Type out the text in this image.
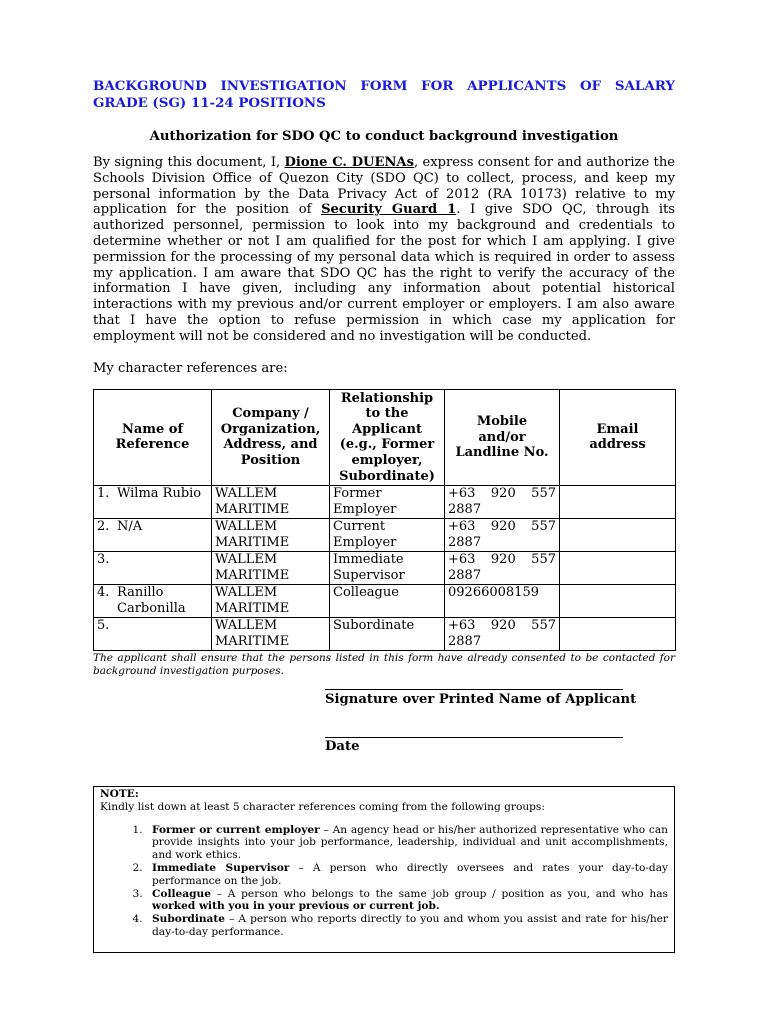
BACKGROUND INVESTIGATION FORM FOR APPLICANTS OF SALARY GRADE (SG) 11-24 POSITIONS

Authorization for SDO QC to conduct background investigation

By signing this document, I, Dione C. DUENAs, express consent for and authorize the Schools Division Office of Quezon City (SDO QC) to collect, process, and keep my personal information by the Data Privacy Act of 2012 (RA 10173) relative to my application for the position of Security Guard 1. I give SDO QC, through its authorized personnel, permission to look into my background and credentials to determine whether or not I am qualified for the post for which I am applying. I give permission for the processing of my personal data which is required in order to assess my application. I am aware that SDO QC has the right to verify the accuracy of the information I have given, including any information about potential historical interactions with my previous and/or current employer or employers. I am also aware that I have the option to refuse permission in which case my application for employment will not be considered and no investigation will be conducted.

My character references are:

Name of Reference	Company / Organization, Address, and Position	Relationship to the Applicant (e.g., Former employer, Subordinate)	Mobile and/or Landline No.	Email address

1. Wilma Rubio	WALLEM MARITIME	Former Employer	+63 920 557
2887	

2. N/A	WALLEM MARITIME	Current Employer	+63 920 557
2887	

3.	WALLEM MARITIME	Immediate Supervisor	+63 920 557
2887	

4. Ranillo Carbonilla	WALLEM MARITIME	Colleague	09266008159	

5.	WALLEM MARITIME	Subordinate	+63 920 557
2887	

The applicant shall ensure that the persons listed in this form have already consented to be contacted for background investigation purposes.

Signature over Printed Name of Applicant
Date
NOTE:
Kindly list down at least 5 character references coming from the following groups:
1. Former or current employer – An agency head or his/her authorized representative who can provide insights into your job performance, leadership, individual and unit accomplishments, and work ethics.
2. Immediate Supervisor – A person who directly oversees and rates your day-to-day performance on the job.
3. Colleague – A person who belongs to the same job group / position as you, and who has worked with you in your previous or current job.
4. Subordinate – A person who reports directly to you and whom you assist and rate for his/her day-to-day performance.
